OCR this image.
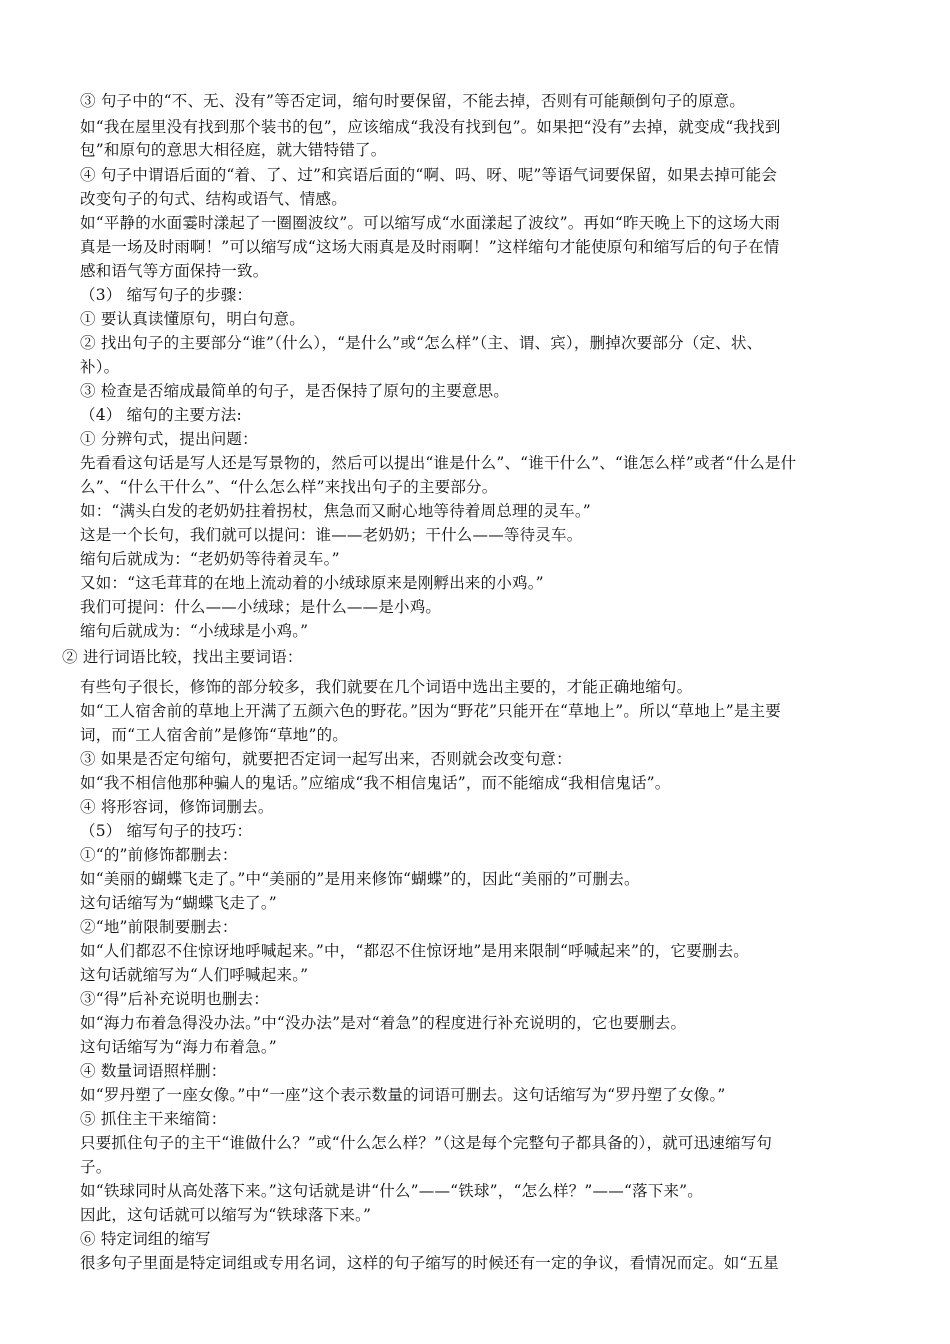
③ 句子中的“不、无、没有”等否定词，缩句时要保留，不能去掉，否则有可能颠倒句子的原意。
如“我在屋里没有找到那个装书的包”，应该缩成“我没有找到包”。如果把“没有”去掉，就变成“我找到
包”和原句的意思大相径庭，就大错特错了。
④ 句子中谓语后面的“着、了、过”和宾语后面的“啊、吗、呀、呢”等语气词要保留，如果去掉可能会
改变句子的句式、结构或语气、情感。
如“平静的水面霎时漾起了一圈圈波纹”。可以缩写成“水面漾起了波纹”。再如“昨天晚上下的这场大雨
真是一场及时雨啊！”可以缩写成“这场大雨真是及时雨啊！”这样缩句才能使原句和缩写后的句子在情
感和语气等方面保持一致。
（3） 缩写句子的步骤：
① 要认真读懂原句，明白句意。
② 找出句子的主要部分“谁”（什么），“是什么”或“怎么样”（主、谓、宾），删掉次要部分（定、状、
补）。
③ 检查是否缩成最简单的句子，是否保持了原句的主要意思。
（4） 缩句的主要方法:
① 分辨句式，提出问题：
先看看这句话是写人还是写景物的，然后可以提出“谁是什么”、“谁干什么”、“谁怎么样”或者“什么是什
么”、“什么干什么”、“什么怎么样”来找出句子的主要部分。
如：“满头白发的老奶奶拄着拐杖，焦急而又耐心地等待着周总理的灵车。”
这是一个长句，我们就可以提问：谁——老奶奶；干什么——等待灵车。
缩句后就成为：“老奶奶等待着灵车。”
又如：“这毛茸茸的在地上流动着的小绒球原来是刚孵出来的小鸡。”
我们可提问：什么——小绒球；是什么——是小鸡。
缩句后就成为：“小绒球是小鸡。”
② 进行词语比较，找出主要词语：
有些句子很长，修饰的部分较多，我们就要在几个词语中选出主要的，才能正确地缩句。
如“工人宿舍前的草地上开满了五颜六色的野花。”因为“野花”只能开在“草地上”。所以“草地上”是主要
词，而“工人宿舍前”是修饰“草地”的。
③ 如果是否定句缩句，就要把否定词一起写出来，否则就会改变句意：
如“我不相信他那种骗人的鬼话。”应缩成“我不相信鬼话”，而不能缩成“我相信鬼话”。
④ 将形容词，修饰词删去。
（5） 缩写句子的技巧：
①“的”前修饰都删去：
如“美丽的蝴蝶飞走了。”中“美丽的”是用来修饰“蝴蝶”的，因此“美丽的”可删去。
这句话缩写为“蝴蝶飞走了。”
②“地”前限制要删去：
如“人们都忍不住惊讶地呼喊起来。”中，“都忍不住惊讶地”是用来限制“呼喊起来”的，它要删去。
这句话就缩写为“人们呼喊起来。”
③“得”后补充说明也删去：
如“海力布着急得没办法。”中“没办法”是对“着急”的程度进行补充说明的，它也要删去。
这句话缩写为“海力布着急。”
④ 数量词语照样删：
如“罗丹塑了一座女像。”中“一座”这个表示数量的词语可删去。这句话缩写为“罗丹塑了女像。”
⑤ 抓住主干来缩简：
只要抓住句子的主干“谁做什么？”或“什么怎么样？”（这是每个完整句子都具备的），就可迅速缩写句
子。
如“铁球同时从高处落下来。”这句话就是讲“什么”——“铁球”，“怎么样？”——“落下来”。
因此，这句话就可以缩写为“铁球落下来。”
⑥ 特定词组的缩写
很多句子里面是特定词组或专用名词，这样的句子缩写的时候还有一定的争议，看情况而定。如“五星
